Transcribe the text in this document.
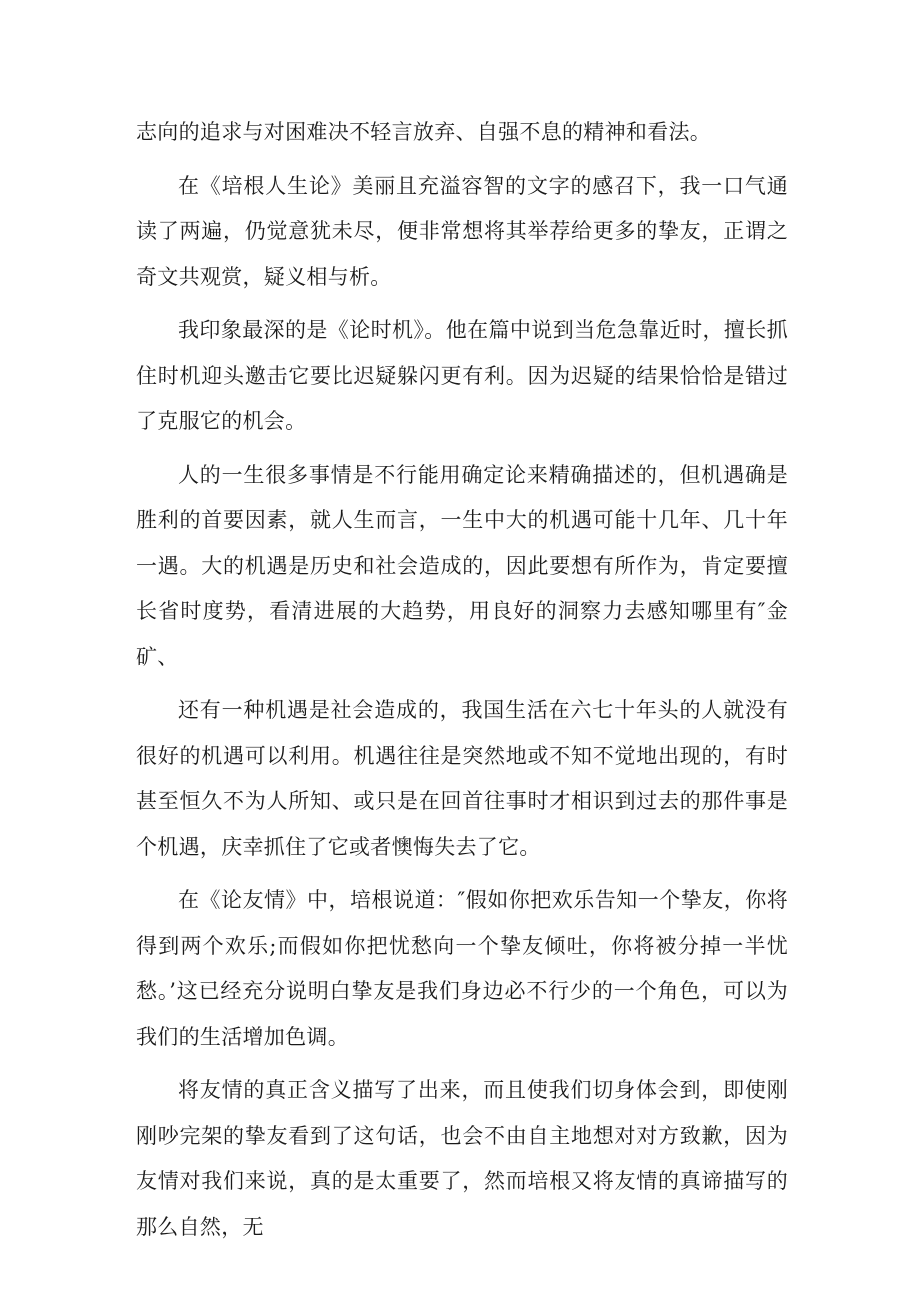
志向的追求与对困难决不轻言放弃、自强不息的精神和看法。

在《培根人生论》美丽且充溢容智的文字的感召下，我一口气通读了两遍，仍觉意犹未尽，便非常想将其举荐给更多的挚友，正谓之奇文共观赏，疑义相与析。

我印象最深的是《论时机》。他在篇中说到当危急靠近时，擅长抓住时机迎头邀击它要比迟疑躲闪更有利。因为迟疑的结果恰恰是错过了克服它的机会。

人的一生很多事情是不行能用确定论来精确描述的，但机遇确是胜利的首要因素，就人生而言，一生中大的机遇可能十几年、几十年一遇。大的机遇是历史和社会造成的，因此要想有所作为，肯定要擅长省时度势，看清进展的大趋势，用良好的洞察力去感知哪里有″金矿、

还有一种机遇是社会造成的，我国生活在六七十年头的人就没有很好的机遇可以利用。机遇往往是突然地或不知不觉地出现的，有时甚至恒久不为人所知、或只是在回首往事时才相识到过去的那件事是个机遇，庆幸抓住了它或者懊悔失去了它。

在《论友情》中，培根说道：″假如你把欢乐告知一个挚友，你将得到两个欢乐;而假如你把忧愁向一个挚友倾吐，你将被分掉一半忧愁。’这已经充分说明白挚友是我们身边必不行少的一个角色，可以为我们的生活增加色调。

将友情的真正含义描写了出来，而且使我们切身体会到，即使刚刚吵完架的挚友看到了这句话，也会不由自主地想对对方致歉，因为友情对我们来说，真的是太重要了，然而培根又将友情的真谛描写的那么自然，无
